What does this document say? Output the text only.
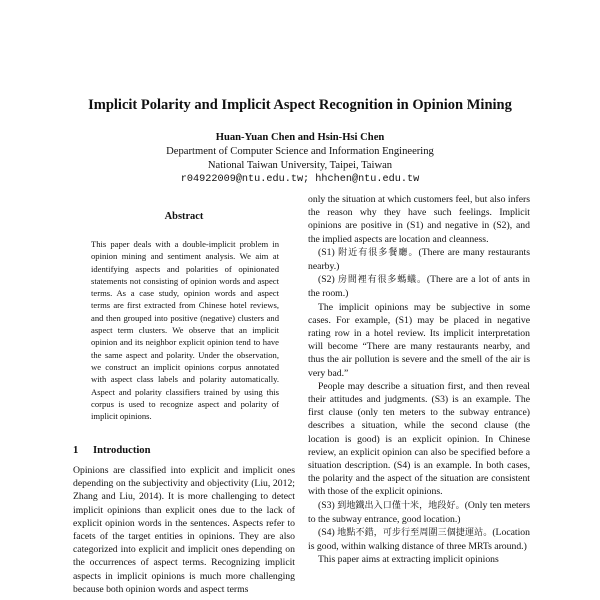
Implicit Polarity and Implicit Aspect Recognition in Opinion Mining
Huan-Yuan Chen and Hsin-Hsi Chen
Department of Computer Science and Information Engineering
National Taiwan University, Taipei, Taiwan
r04922009@ntu.edu.tw; hhchen@ntu.edu.tw
Abstract
This paper deals with a double-implicit problem in opinion mining and sentiment analysis. We aim at identifying aspects and polarities of opinionated statements not consisting of opinion words and aspect terms. As a case study, opinion words and aspect terms are first extracted from Chinese hotel reviews, and then grouped into positive (negative) clusters and aspect term clusters. We observe that an implicit opinion and its neighbor explicit opinion tend to have the same aspect and polarity. Under the observation, we construct an implicit opinions corpus annotated with aspect class labels and polarity automatically. Aspect and polarity classifiers trained by using this corpus is used to recognize aspect and polarity of implicit opinions.
1 Introduction
Opinions are classified into explicit and implicit ones depending on the subjectivity and objectivity (Liu, 2012; Zhang and Liu, 2014). It is more challenging to detect implicit opinions than explicit ones due to the lack of explicit opinion words in the sentences. Aspects refer to facets of the target entities in opinions. They are also categorized into explicit and implicit ones depending on the occurrences of aspect terms. Recognizing implicit aspects in implicit opinions is much more challenging because both opinion words and aspect terms

only the situation at which customers feel, but also infers the reason why they have such feelings. Implicit opinions are positive in (S1) and negative in (S2), and the implied aspects are location and cleanness.

(S1) 附近有很多餐廳。(There are many restaurants nearby.)

(S2) 房間裡有很多螞蟻。(There are a lot of ants in the room.)

The implicit opinions may be subjective in some cases. For example, (S1) may be placed in negative rating row in a hotel review. Its implicit interpretation will become “There are many restaurants nearby, and thus the air pollution is severe and the smell of the air is very bad.”

People may describe a situation first, and then reveal their attitudes and judgments. (S3) is an example. The first clause (only ten meters to the subway entrance) describes a situation, while the second clause (the location is good) is an explicit opinion. In Chinese review, an explicit opinion can also be specified before a situation description. (S4) is an example. In both cases, the polarity and the aspect of the situation are consistent with those of the explicit opinions.

(S3) 到地鐵出入口僅十米，地段好。(Only ten meters to the subway entrance, good location.)

(S4) 地點不錯，可步行至周圍三個捷運站。(Location is good, within walking distance of three MRTs around.)

This paper aims at extracting implicit opinions
